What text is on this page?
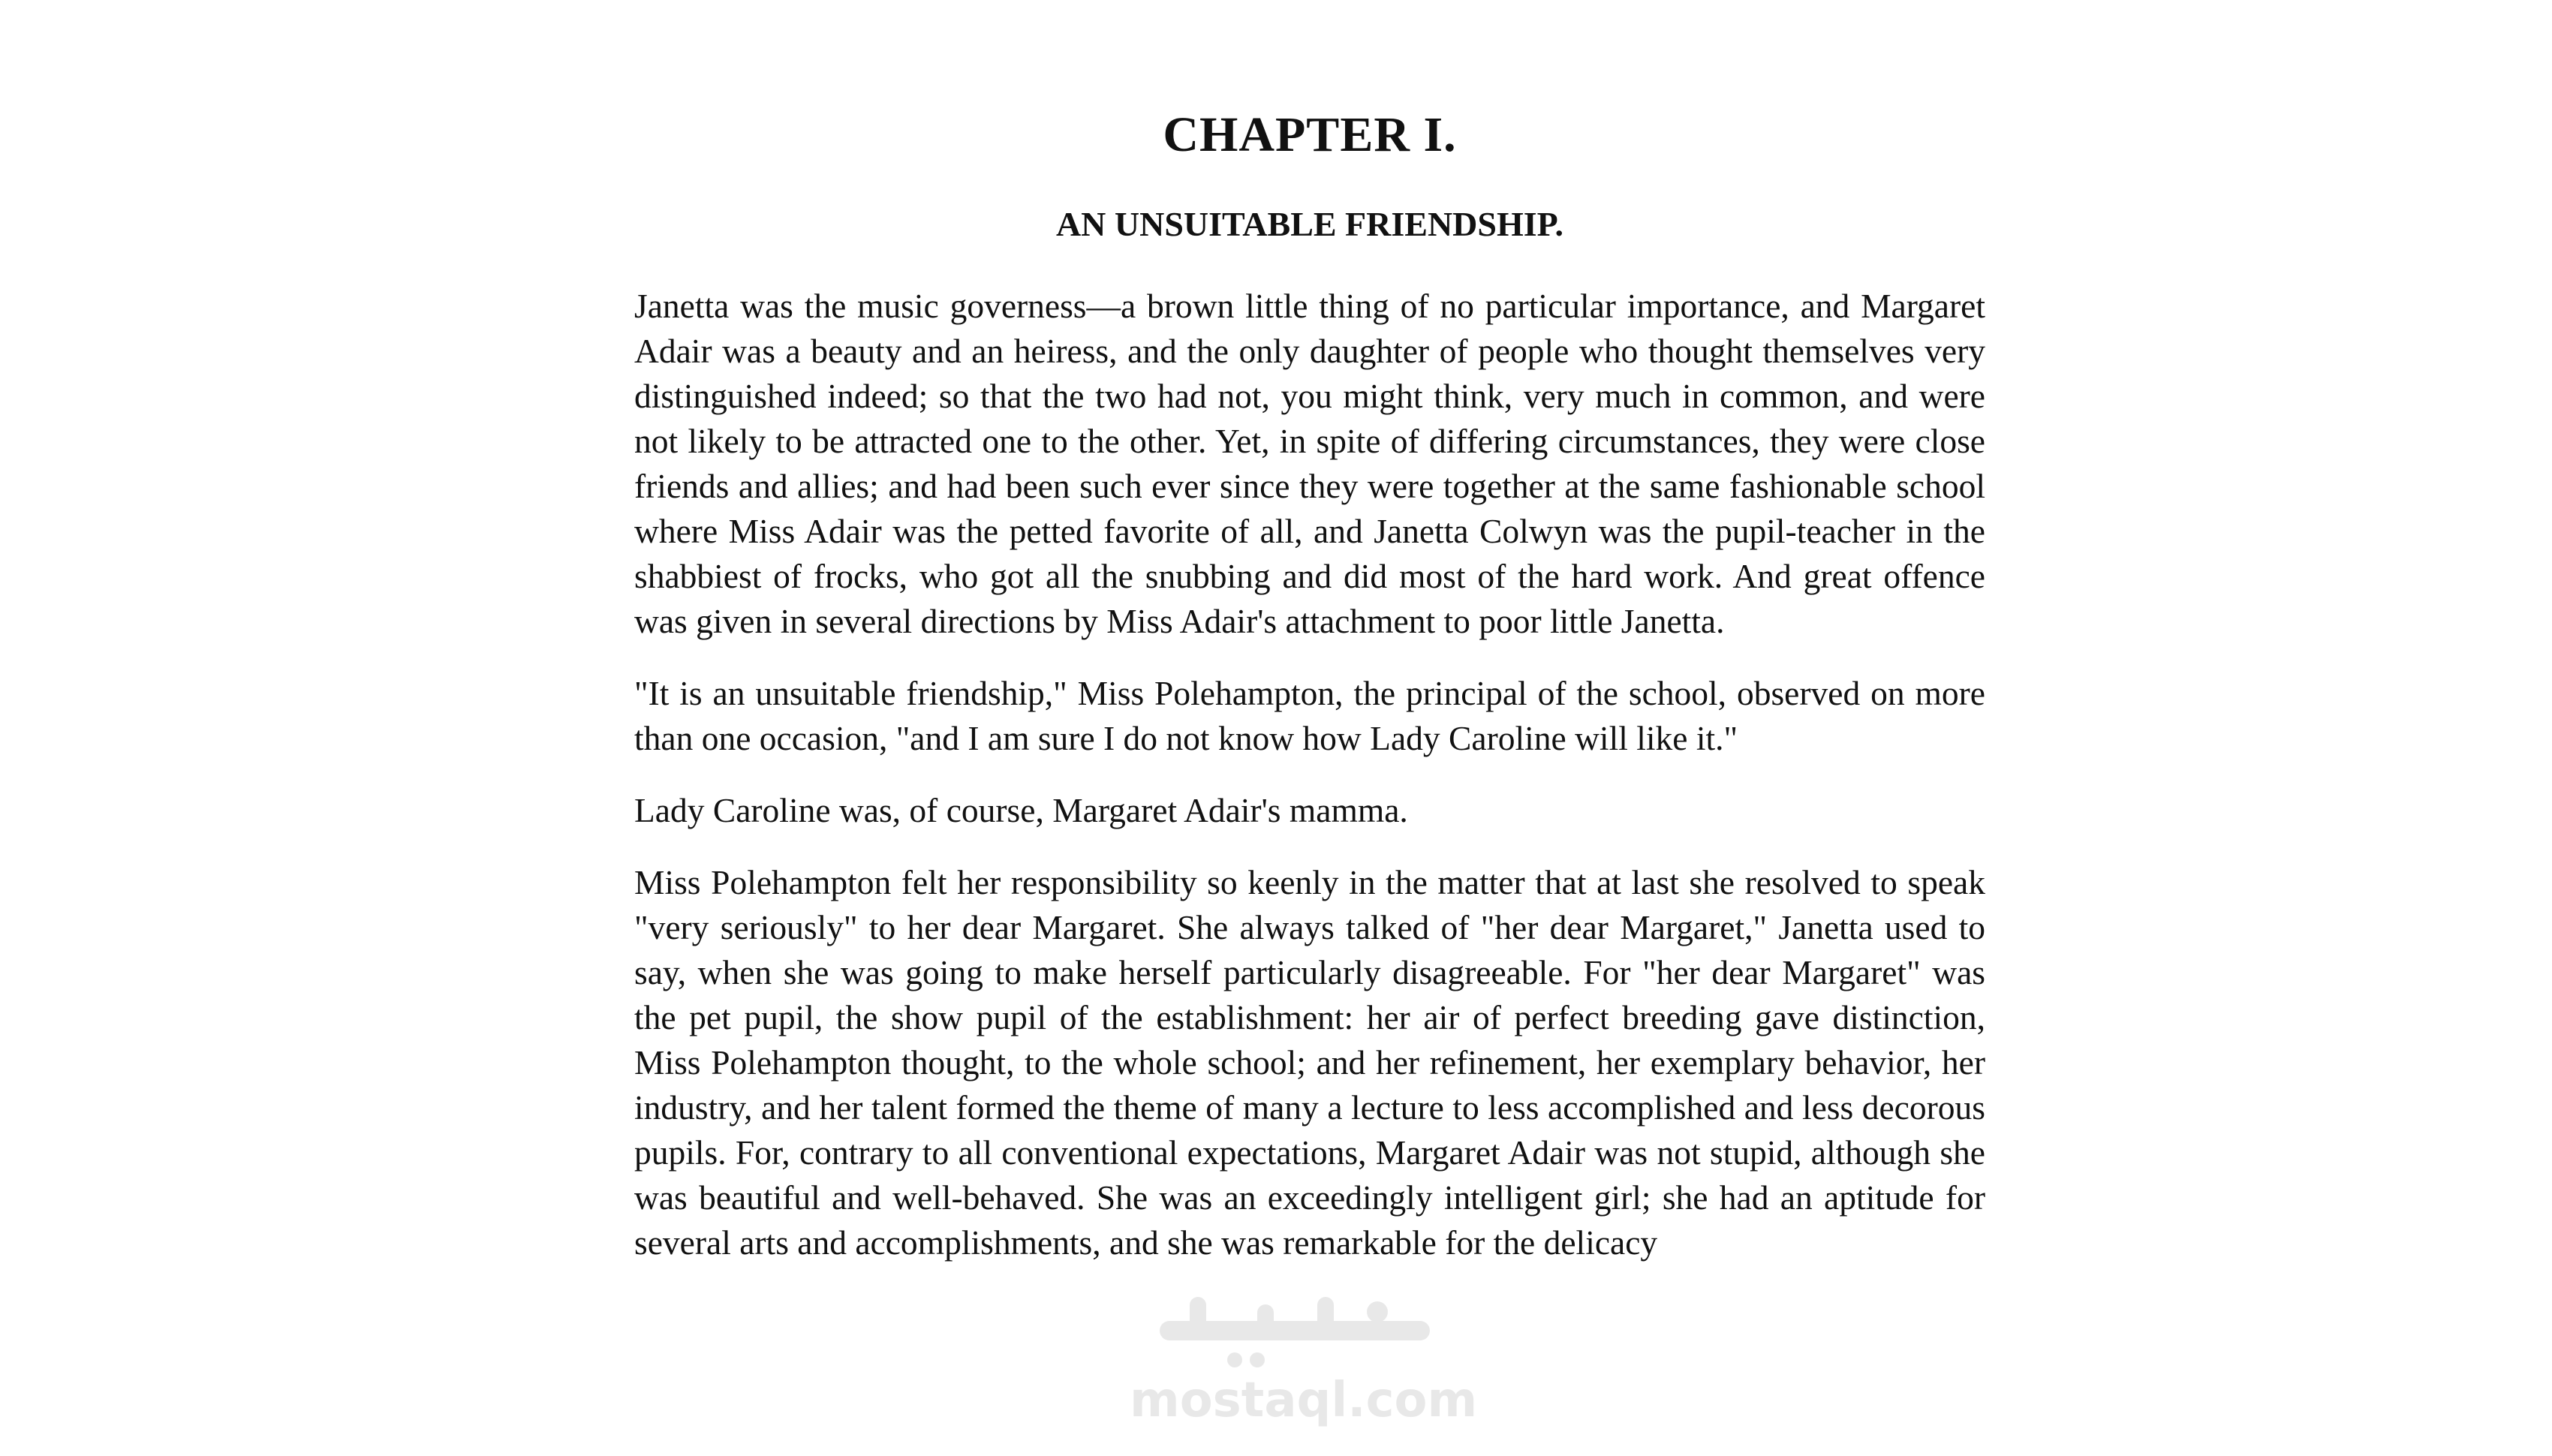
CHAPTER I.
AN UNSUITABLE FRIENDSHIP.

Janetta was the music governess—a brown little thing of no particular importance, and Margaret Adair was a beauty and an heiress, and the only daughter of people who thought themselves very distinguished indeed; so that the two had not, you might think, very much in common, and were not likely to be attracted one to the other. Yet, in spite of differing circumstances, they were close friends and allies; and had been such ever since they were together at the same fashionable school where Miss Adair was the petted favorite of all, and Janetta Colwyn was the pupil-teacher in the shabbiest of frocks, who got all the snubbing and did most of the hard work. And great offence was given in several directions by Miss Adair's attachment to poor little Janetta.

"It is an unsuitable friendship," Miss Polehampton, the principal of the school, observed on more than one occasion, "and I am sure I do not know how Lady Caroline will like it."

Lady Caroline was, of course, Margaret Adair's mamma.

Miss Polehampton felt her responsibility so keenly in the matter that at last she resolved to speak "very seriously" to her dear Margaret. She always talked of "her dear Margaret," Janetta used to say, when she was going to make herself particularly disagreeable. For "her dear Margaret" was the pet pupil, the show pupil of the establishment: her air of perfect breeding gave distinction, Miss Polehampton thought, to the whole school; and her refinement, her exemplary behavior, her industry, and her talent formed the theme of many a lecture to less accomplished and less decorous pupils. For, contrary to all conventional expectations, Margaret Adair was not stupid, although she was beautiful and well-behaved. She was an exceedingly intelligent girl; she had an aptitude for several arts and accomplishments, and she was remarkable for the delicacy

mostaql.com
